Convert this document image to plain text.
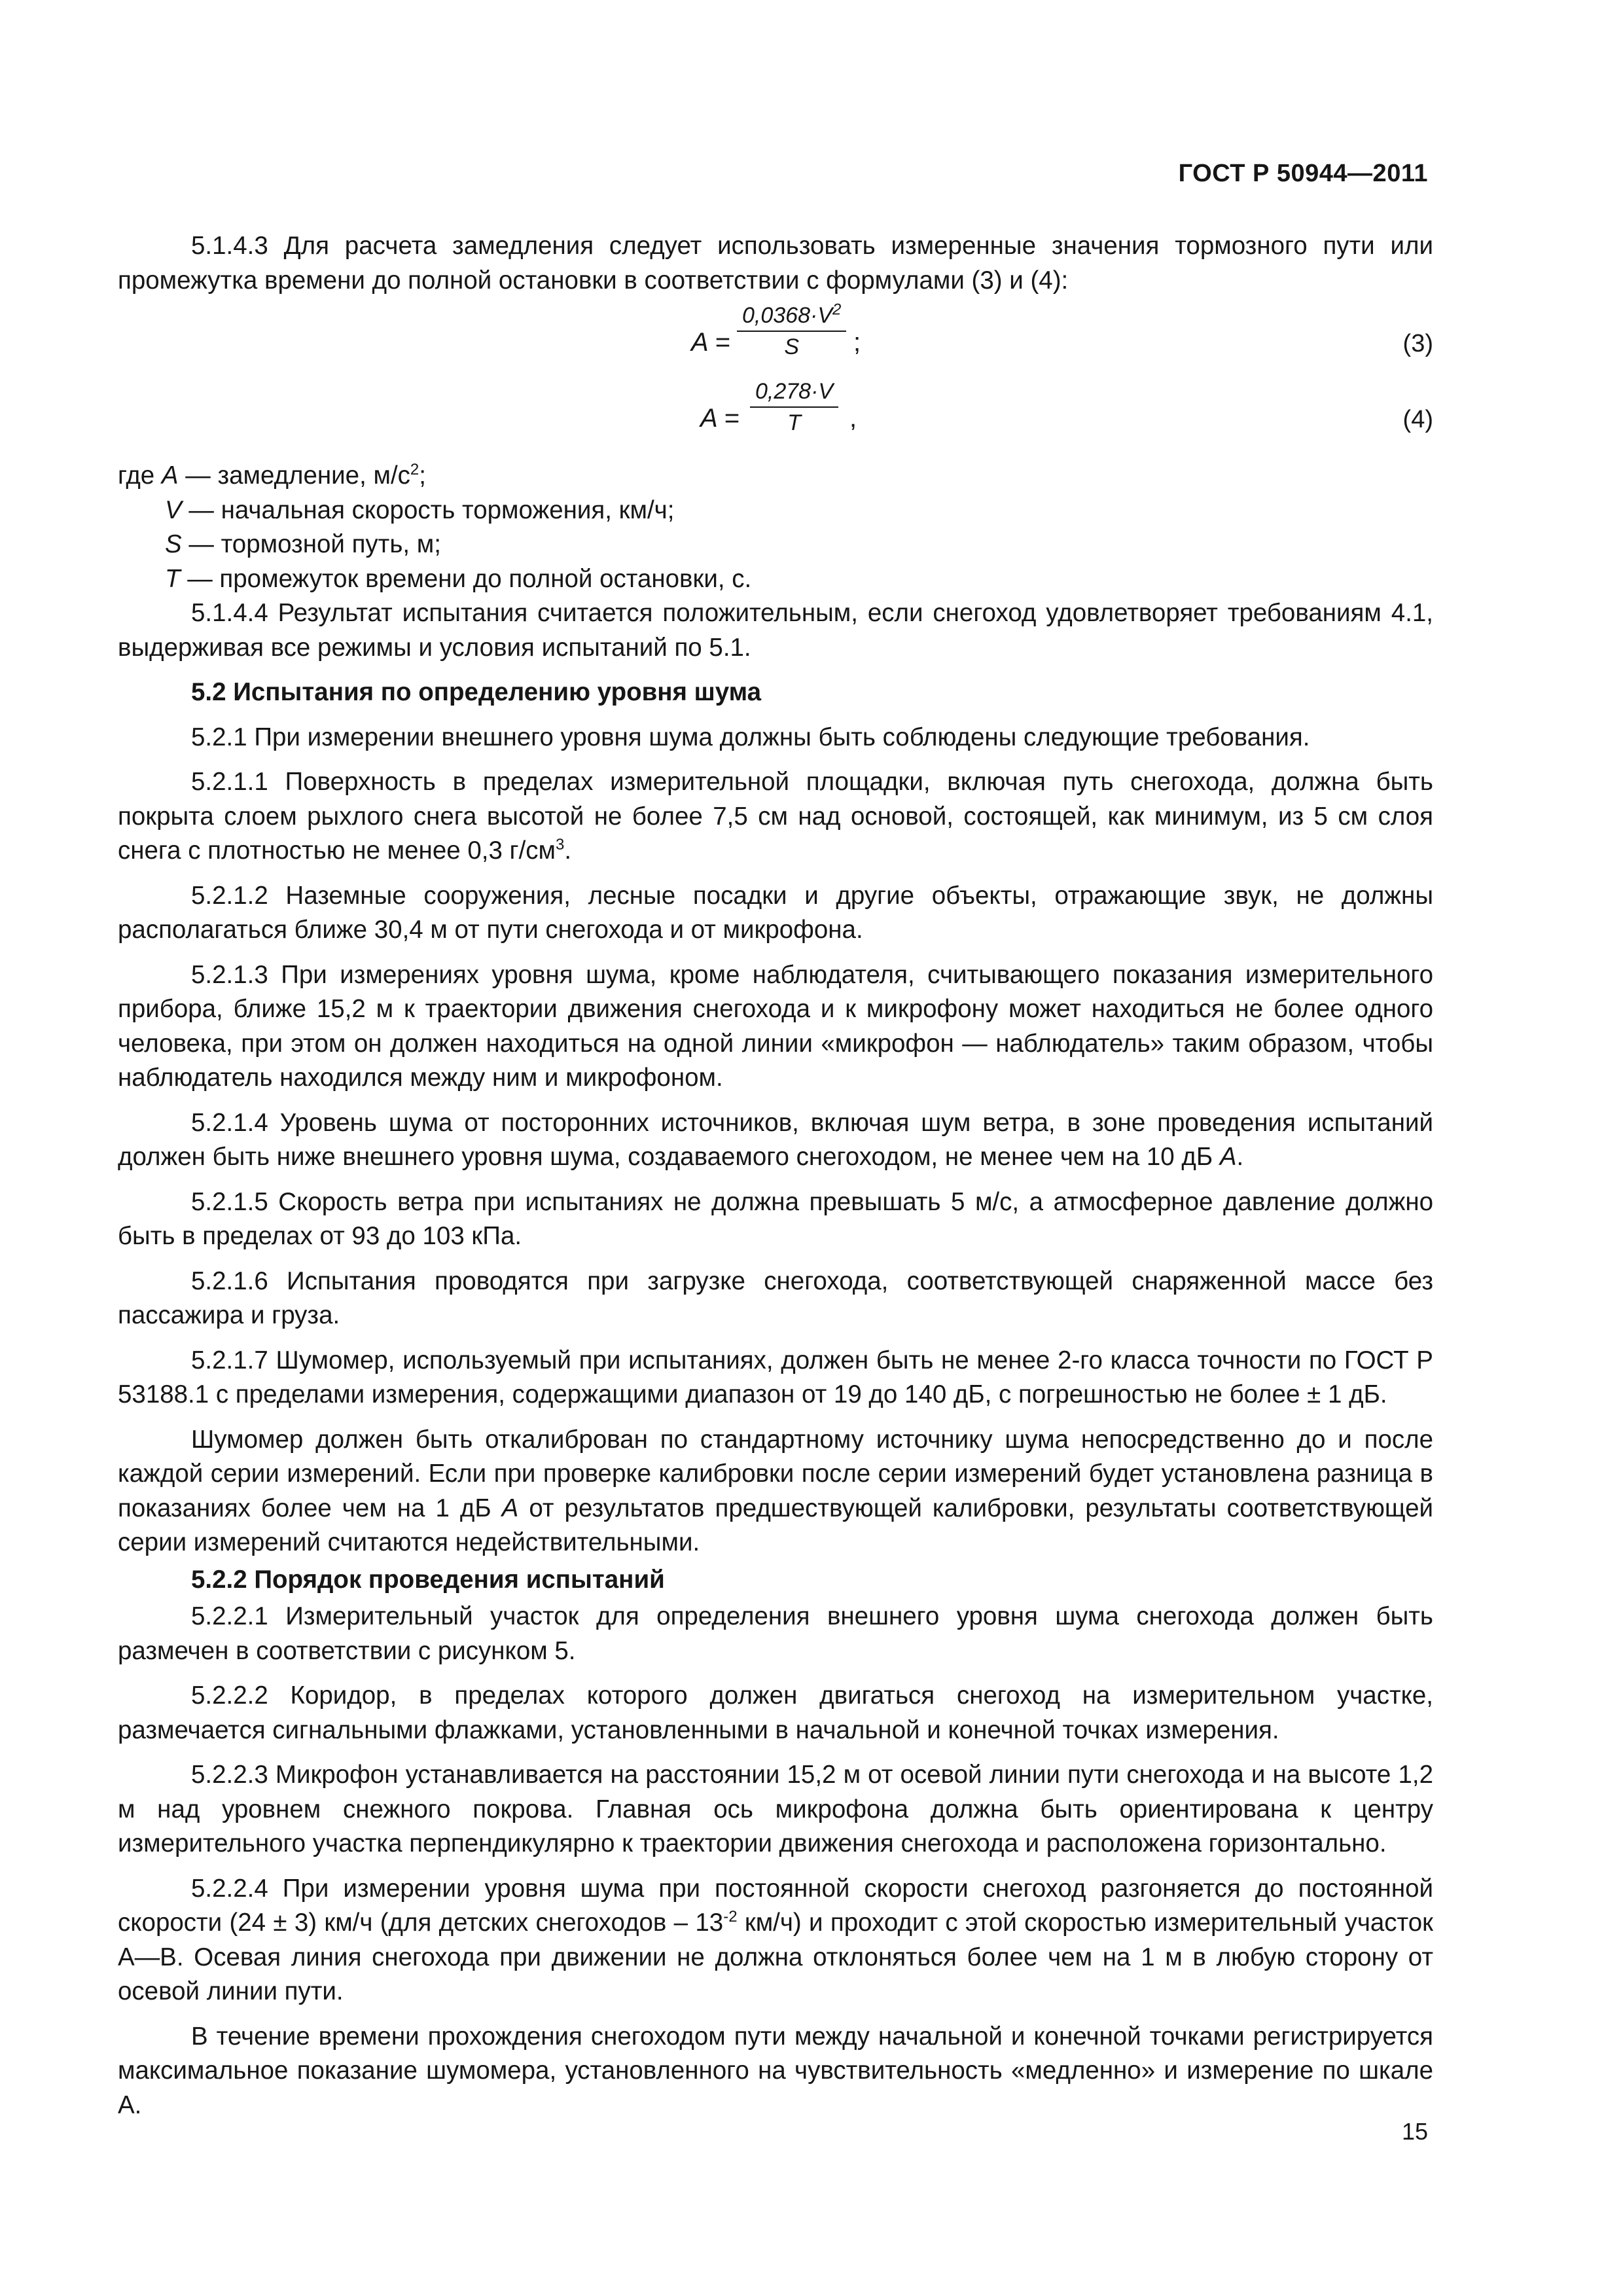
ГОСТ Р 50944—2011

5.1.4.3 Для расчета замедления следует использовать измеренные значения тормозного пути или промежутка времени до полной остановки в соответствии с формулами (3) и (4):

$A = \frac{0,0368\cdot V^2}{S}$ ;	(3)
$A = \frac{0,278\cdot V}{T}$ ,	(4)

где A — замедление, $м/с^2$;

V — начальная скорость торможения, км/ч;

S — тормозной путь, м;

T — промежуток времени до полной остановки, с.

5.1.4.4 Результат испытания считается положительным, если снегоход удовлетворяет требованиям 4.1, выдерживая все режимы и условия испытаний по 5.1.

5.2 Испытания по определению уровня шума

5.2.1 При измерении внешнего уровня шума должны быть соблюдены следующие требования.

5.2.1.1 Поверхность в пределах измерительной площадки, включая путь снегохода, должна быть покрыта слоем рыхлого снега высотой не более 7,5 см над основой, состоящей, как минимум, из 5 см слоя снега с плотностью не менее 0,3 $г/см^3$.

5.2.1.2 Наземные сооружения, лесные посадки и другие объекты, отражающие звук, не должны располагаться ближе 30,4 м от пути снегохода и от микрофона.

5.2.1.3 При измерениях уровня шума, кроме наблюдателя, считывающего показания измерительного прибора, ближе 15,2 м к траектории движения снегохода и к микрофону может находиться не более одного человека, при этом он должен находиться на одной линии «микрофон — наблюдатель» таким образом, чтобы наблюдатель находился между ним и микрофоном.

5.2.1.4 Уровень шума от посторонних источников, включая шум ветра, в зоне проведения испытаний должен быть ниже внешнего уровня шума, создаваемого снегоходом, не менее чем на 10 дБ A.

5.2.1.5 Скорость ветра при испытаниях не должна превышать 5 м/с, а атмосферное давление должно быть в пределах от 93 до 103 кПа.

5.2.1.6 Испытания проводятся при загрузке снегохода, соответствующей снаряженной массе без пассажира и груза.

5.2.1.7 Шумомер, используемый при испытаниях, должен быть не менее 2-го класса точности по ГОСТ Р 53188.1 с пределами измерения, содержащими диапазон от 19 до 140 дБ, с погрешностью не более ± 1 дБ.

Шумомер должен быть откалиброван по стандартному источнику шума непосредственно до и после каждой серии измерений. Если при проверке калибровки после серии измерений будет установлена разница в показаниях более чем на 1 дБ A от результатов предшествующей калибровки, результаты соответствующей серии измерений считаются недействительными.

5.2.2 Порядок проведения испытаний

5.2.2.1 Измерительный участок для определения внешнего уровня шума снегохода должен быть размечен в соответствии с рисунком 5.

5.2.2.2 Коридор, в пределах которого должен двигаться снегоход на измерительном участке, размечается сигнальными флажками, установленными в начальной и конечной точках измерения.

5.2.2.3 Микрофон устанавливается на расстоянии 15,2 м от осевой линии пути снегохода и на высоте 1,2 м над уровнем снежного покрова. Главная ось микрофона должна быть ориентирована к центру измерительного участка перпендикулярно к траектории движения снегохода и расположена горизонтально.

5.2.2.4 При измерении уровня шума при постоянной скорости снегоход разгоняется до постоянной скорости (24 ± 3) км/ч (для детских снегоходов – $13^{-2}$ км/ч) и проходит с этой скоростью измерительный участок А—В. Осевая линия снегохода при движении не должна отклоняться более чем на 1 м в любую сторону от осевой линии пути.

В течение времени прохождения снегоходом пути между начальной и конечной точками регистрируется максимальное показание шумомера, установленного на чувствительность «медленно» и измерение по шкале А.

15
